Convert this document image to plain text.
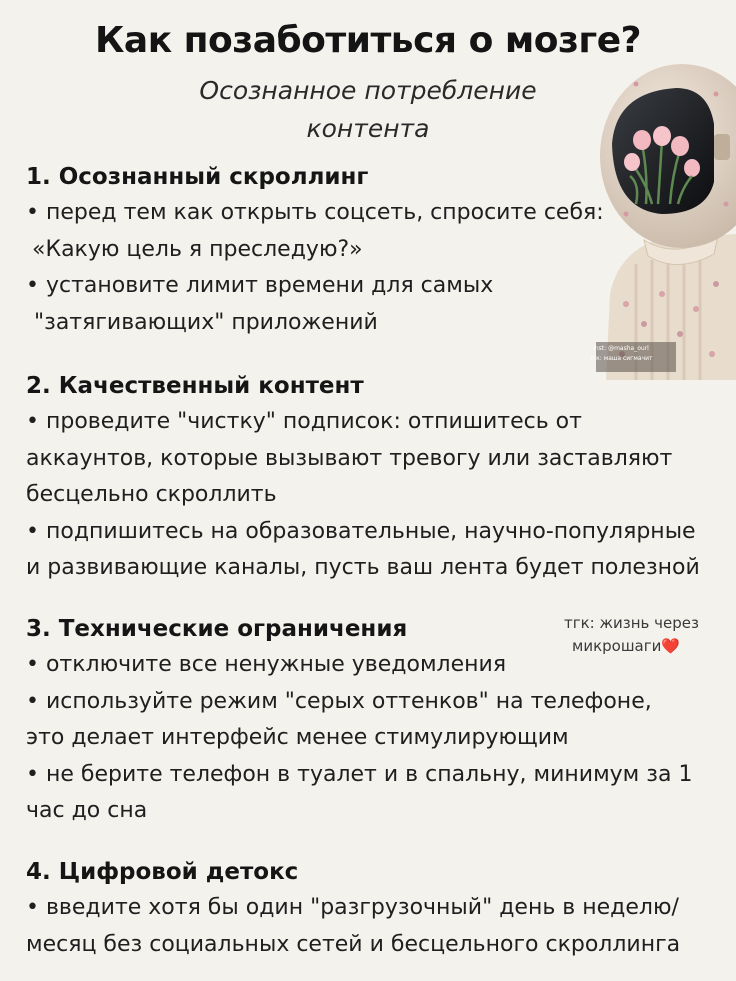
Как позаботиться о мозге?
Осознанное потребление
контента
inst: @masha_ourl
тгк: маша сигмачит
1. Осознанный скроллинг
• перед тем как открыть соцсеть, спросите себя:
«Какую цель я преследую?»
• установите лимит времени для самых
"затягивающих" приложений
2. Качественный контент
• проведите "чистку" подписок: отпишитесь от
аккаунтов, которые вызывают тревогу или заставляют
бесцельно скроллить
• подпишитесь на образовательные, научно-популярные
и развивающие каналы, пусть ваш лента будет полезной
3. Технические ограничения
• отключите все ненужные уведомления
• используйте режим "серых оттенков" на телефоне,
это делает интерфейс менее стимулирующим
• не берите телефон в туалет и в спальну, минимум за 1
час до сна
тгк: жизнь через
микрошаги❤️
4. Цифровой детокс
• введите хотя бы один "разгрузочный" день в неделю/
месяц без социальных сетей и бесцельного скроллинга
